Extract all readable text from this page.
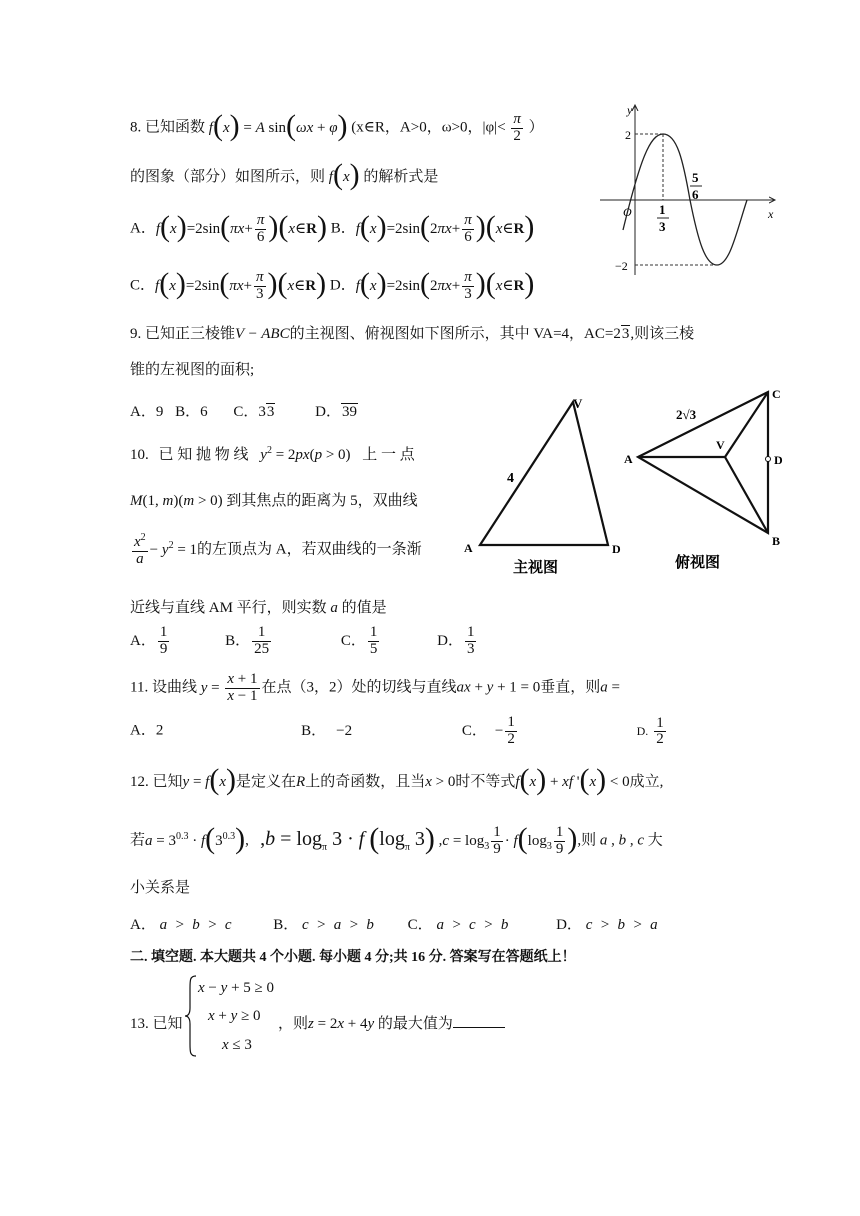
8. 已知函数 f(x) = A sin(ωx + φ) (x∈R，A>0，ω>0，$|\varphi|< \frac{\pi}{2}$ ）
的图象（部分）如图所示，则 f(x) 的解析式是
A．$f(x)=2\sin(\pi x+ \frac{\pi}{6}$ )(x∈R) B．$f(x)=2\sin(2\pi x+ \frac{\pi}{6}$ )(x∈R)
C．$f(x)=2\sin(\pi x+ \frac{\pi}{3}$ )(x∈R) D．$f(x)=2\sin(2\pi x+ \frac{\pi}{3}$ )(x∈R)
y
x
O
2
−2
1
3
5
6
9. 已知正三棱锥V − ABC的主视图、俯视图如下图所示，其中 VA=4，AC=23,则该三棱
锥的左视图的面积;
A．9 B．6 C．33	D．39
V
A	D
4
主视图
C
A	D
B
V
2√3
俯视图
10. 已 知 抛 物 线 $y^2 = 2px(p > 0)$ 上 一 点
M(1, m)(m > 0) 到其焦点的距离为 5，双曲线
$\frac{x^2}{a} - y^2 = 1$的左顶点为 A，若双曲线的一条渐
近线与直线 AM 平行，则实数 a 的值是
A． $\frac{1}{9}$	B． $\frac{1}{25}$	C． $\frac{1}{5}$	D． $\frac{1}{3}$
11. 设曲线 $y = \frac{x + 1}{x - 1}$ 在点（3，2）处的切线与直线ax + y + 1 = 0垂直，则a =
A．2	B． −2	C． − $\frac{1}{2}$	D. $\frac{1}{2}$
12. 已知y = f(x)是定义在R上的奇函数，且当x > 0时不等式f(x) + xf '(x) < 0成立,
若$a = 3^{0.3} \cdot f(3^{0.3})$,   $,b = \log_\pi 3 \cdot f$ ($\log_\pi$ 3) $,c = \log_3 \frac{1}{9} \cdot f(\log_3 \frac{1}{9}$ ),则 a , b , c 大
小关系是
A． a  >  b  >  c	B． c  >  a  >  b C． a  >  c  >  b	D． c  >  b  >  a
二. 填空题. 本大题共 4 个小题. 每小题 4 分;共 16 分. 答案写在答题纸上！
13. 已知
x − y + 5 ≥ 0
x + y ≥ 0 ，则z = 2x + 4y 的最大值为
x ≤ 3
